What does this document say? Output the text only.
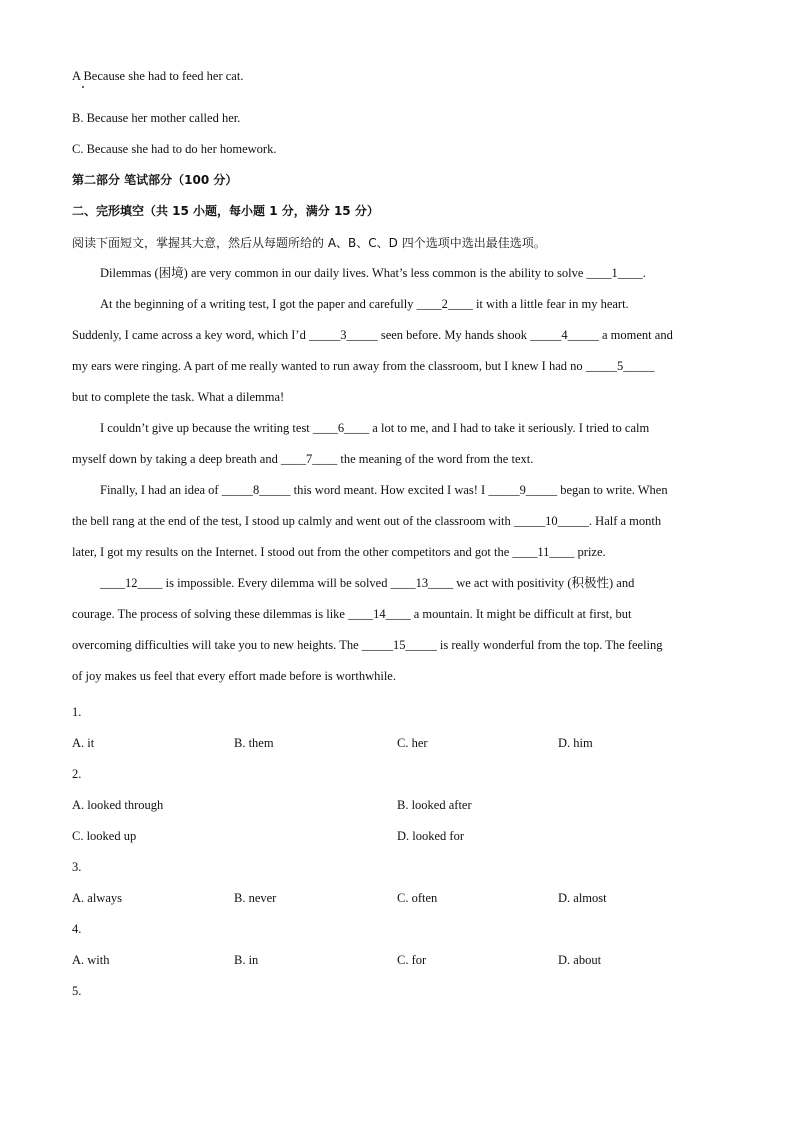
A Because she had to feed her cat.
B. Because her mother called her.
C. Because she had to do her homework.
第二部分 笔试部分（100 分）
二、完形填空（共 15 小题，每小题 1 分，满分 15 分）
阅读下面短文，掌握其大意，然后从每题所给的 A、B、C、D 四个选项中选出最佳选项。
Dilemmas (困境) are very common in our daily lives. What’s less common is the ability to solve ____1____.
At the beginning of a writing test, I got the paper and carefully ____2____ it with a little fear in my heart.
Suddenly, I came across a key word, which I’d _____3_____ seen before. My hands shook _____4_____ a moment and
my ears were ringing. A part of me really wanted to run away from the classroom, but I knew I had no _____5_____
but to complete the task. What a dilemma!
I couldn’t give up because the writing test ____6____ a lot to me, and I had to take it seriously. I tried to calm
myself down by taking a deep breath and ____7____ the meaning of the word from the text.
Finally, I had an idea of _____8_____ this word meant. How excited I was! I _____9_____ began to write. When
the bell rang at the end of the test, I stood up calmly and went out of the classroom with _____10_____. Half a month
later, I got my results on the Internet. I stood out from the other competitors and got the ____11____ prize.
____12____ is impossible. Every dilemma will be solved ____13____ we act with positivity (积极性) and
courage. The process of solving these dilemmas is like ____14____ a mountain. It might be difficult at first, but
overcoming difficulties will take you to new heights. The _____15_____ is really wonderful from the top. The feeling
of joy makes us feel that every effort made before is worthwhile.
1.
A. it	B. them	C. her	D. him
2.
A. looked through	B. looked after
C. looked up	D. looked for
3.
A. always	B. never	C. often	D. almost
4.
A. with	B. in	C. for	D. about
5.
